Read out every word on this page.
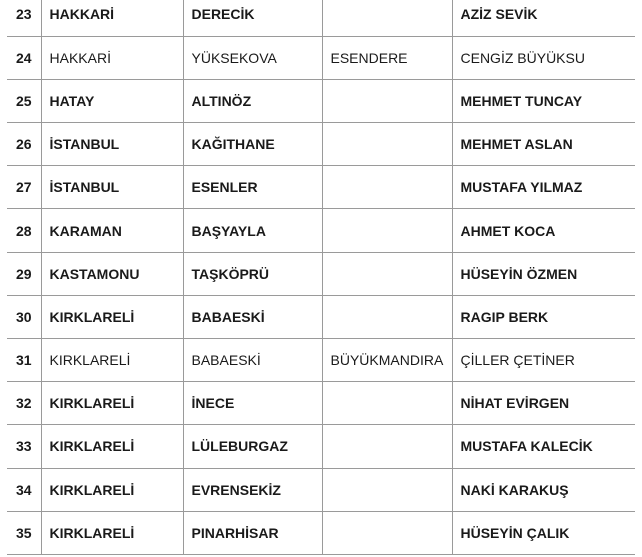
23	HAKKARİ	DERECİK		AZİZ SEVİK
24	HAKKARİ	YÜKSEKOVA	ESENDERE	CENGİZ BÜYÜKSU
25	HATAY	ALTINÖZ		MEHMET TUNCAY
26	İSTANBUL	KAĞITHANE		MEHMET ASLAN
27	İSTANBUL	ESENLER		MUSTAFA YILMAZ
28	KARAMAN	BAŞYAYLA		AHMET KOCA
29	KASTAMONU	TAŞKÖPRÜ		HÜSEYİN ÖZMEN
30	KIRKLARELİ	BABAESKİ		RAGIP BERK
31	KIRKLARELİ	BABAESKİ	BÜYÜKMANDIRA	ÇİLLER ÇETİNER
32	KIRKLARELİ	İNECE		NİHAT EVİRGEN
33	KIRKLARELİ	LÜLEBURGAZ		MUSTAFA KALECİK
34	KIRKLARELİ	EVRENSEKİZ		NAKİ KARAKUŞ
35	KIRKLARELİ	PINARHİSAR		HÜSEYİN ÇALIK
